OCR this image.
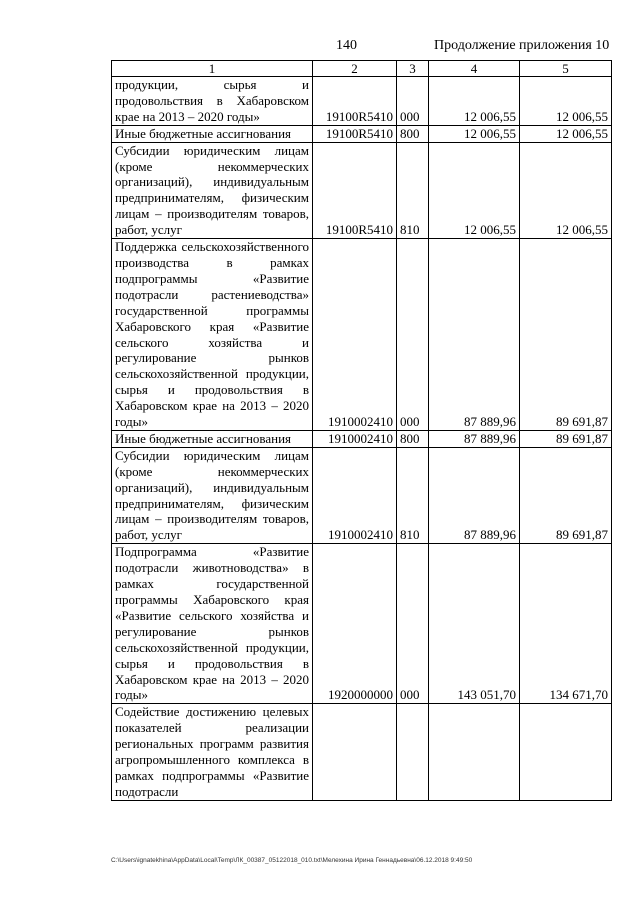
140	Продолжение приложения 10
1	2	3	4	5
продукции, сырья и продовольствия в Хабаровском крае на 2013 – 2020 годы»	19100R5410	000	12 006,55	12 006,55
Иные бюджетные ассигнования	19100R5410	800	12 006,55	12 006,55
Субсидии юридическим лицам (кроме некоммерческих организаций), индивидуальным предпринимателям, физическим лицам – производителям товаров, работ, услуг	19100R5410	810	12 006,55	12 006,55
Поддержка сельскохозяйственного производства в рамках подпрограммы «Развитие подотрасли растениеводства» государственной программы Хабаровского края «Развитие сельского хозяйства и регулирование рынков сельскохозяйственной продукции, сырья и продовольствия в Хабаровском крае на 2013 – 2020 годы»	1910002410	000	87 889,96	89 691,87
Иные бюджетные ассигнования	1910002410	800	87 889,96	89 691,87
Субсидии юридическим лицам (кроме некоммерческих организаций), индивидуальным предпринимателям, физическим лицам – производителям товаров, работ, услуг	1910002410	810	87 889,96	89 691,87
Подпрограмма «Развитие подотрасли животноводства» в рамках государственной программы Хабаровского края «Развитие сельского хозяйства и регулирование рынков сельскохозяйственной продукции, сырья и продовольствия в Хабаровском крае на 2013 – 2020 годы»	1920000000	000	143 051,70	134 671,70
Содействие достижению целевых показателей реализации региональных программ развития агропромышленного комплекса в рамках подпрограммы «Развитие подотрасли				
C:\Users\ignatekhina\AppData\Local\Temp\ЛК_00387_05122018_010.txt\Мелехина Ирина Геннадьевна\06.12.2018 9:49:50
